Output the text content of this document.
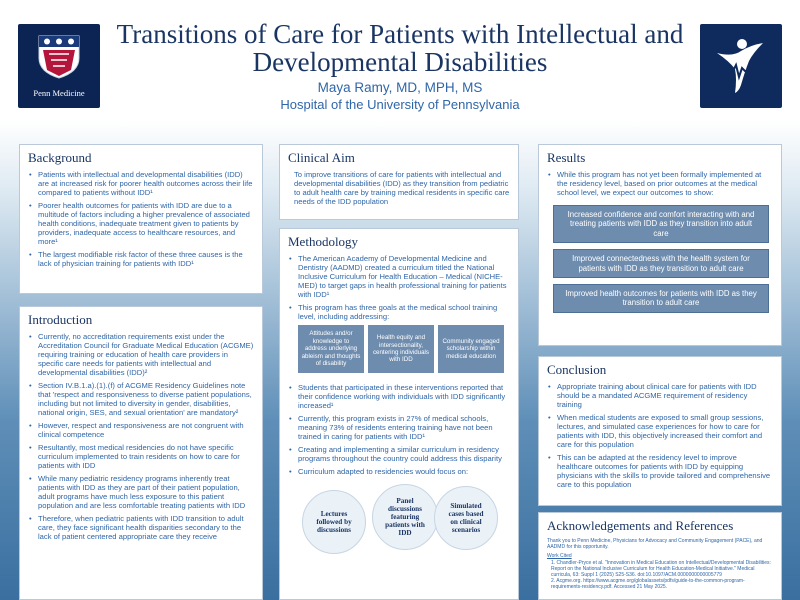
Penn Medicine
Transitions of Care for Patients with Intellectual and
Developmental Disabilities
Maya Ramy, MD, MPH, MS
Hospital of the University of Pennsylvania
Background
• Patients with intellectual and developmental disabilities (IDD) are at increased risk for poorer health outcomes across their life compared to patients without IDD¹
• Poorer health outcomes for patients with IDD are due to a multitude of factors including a higher prevalence of associated health conditions, inadequate treatment given to patients by providers, inadequate access to healthcare resources, and more¹
• The largest modifiable risk factor of these three causes is the lack of physician training for patients with IDD¹
Introduction
• Currently, no accreditation requirements exist under the Accreditation Council for Graduate Medical Education (ACGME) requiring training or education of health care providers in specific care needs for patients with intellectual and developmental disabilities (IDD)²
• Section IV.B.1.a).(1).(f) of ACGME Residency Guidelines note that 'respect and responsiveness to diverse patient populations, including but not limited to diversity in gender, disabilities, national origin, SES, and sexual orientation' are mandatory²
• However, respect and responsiveness are not congruent with clinical competence
• Resultantly, most medical residencies do not have specific curriculum implemented to train residents on how to care for patients with IDD
• While many pediatric residency programs inherently treat patients with IDD as they are part of their patient population, adult programs have much less exposure to this patient population and are less comfortable treating patients with IDD
• Therefore, when pediatric patients with IDD transition to adult care, they face significant health disparities secondary to the lack of patient centered appropriate care they receive
Clinical Aim
To improve transitions of care for patients with intellectual and developmental disabilities (IDD) as they transition from pediatric to adult health care by training medical residents in specific care needs of the IDD population
Methodology
• The American Academy of Developmental Medicine and Dentistry (AADMD) created a curriculum titled the National Inclusive Curriculum for Health Education – Medical (NICHE-MED) to target gaps in health professional training for patients with IDD¹
• This program has three goals at the medical school training level, including addressing:
Attitudes and/or knowledge to address underlying ableism and thoughts of disability
Health equity and intersectionality, centering individuals with IDD
Community engaged scholarship within medical education
• Students that participated in these interventions reported that their confidence working with individuals with IDD significantly increased¹
• Currently, this program exists in 27% of medical schools, meaning 73% of residents entering training have not been trained in caring for patients with IDD¹
• Creating and implementing a similar curriculum in residency programs throughout the country could address this disparity
• Curriculum adapted to residencies would focus on:
Lectures followed by discussions
Panel discussions featuring patients with IDD
Simulated cases based on clinical scenarios
Results
• While this program has not yet been formally implemented at the residency level, based on prior outcomes at the medical school level, we expect our outcomes to show:
Increased confidence and comfort interacting with and treating patients with IDD as they transition into adult care
Improved connectedness with the health system for patients with IDD as they transition to adult care
Improved health outcomes for patients with IDD as they transition to adult care
Conclusion
• Appropriate training about clinical care for patients with IDD should be a mandated ACGME requirement of residency training
• When medical students are exposed to small group sessions, lectures, and simulated case experiences for how to care for patients with IDD, this objectively increased their comfort and care for this population
• This can be adapted at the residency level to improve healthcare outcomes for patients with IDD by equipping physicians with the skills to provide tailored and comprehensive care to this population
Acknowledgements and References
Thank you to Penn Medicine, Physicians for Advocacy and Community Engagement (PACE), and AADMD for this opportunity.
Work Cited
1. Chandler-Pryce et al. "Innovation in Medical Education on Intellectual/Developmental Disabilities: Report on the National Inclusive Curriculum for Health Education-Medical Initiative." Medical curricula, 63: Suppl 1 (2025) S25-S36. doi:10.1097/ACM.0000000000005779
2. Acgme.org. https://www.acgme.org/globalassets/pdfs/guide-to-the-common-program-requirements-residency.pdf. Accessed 21 May 2025.
